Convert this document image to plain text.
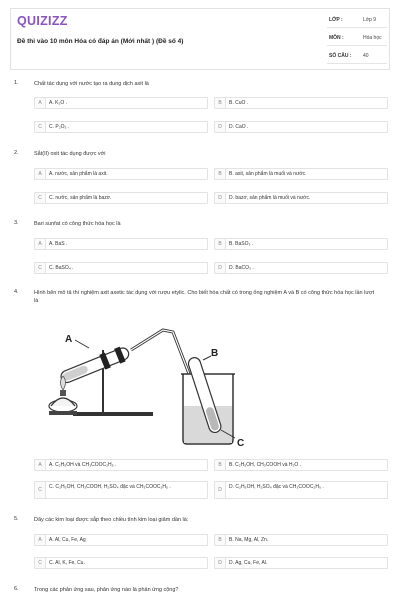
QUIZIZZ
Đề thi vào 10 môn Hóa có đáp án (Mới nhất ) (Đề số 4)
LỚP :	Lớp 9
MÔN :	Hóa học
SỐ CÂU : 40
1.	Chất tác dụng với nước tạo ra dung dịch axit là
A	A. K₂O .	B	B. CuO .
C	C. P₂O₅ .	D	D. CaO .
2.	Sắt(II) oxit tác dụng được với
A	A. nước, sản phẩm là axit.	B	B. axit, sản phẩm là muối và nước.
C	C. nước, sản phẩm là bazơ.	D	D. bazơ, sản phẩm là muối và nước.
3.	Bari sunfat có công thức hóa học là
A	A. BaS .	B	B. BaSO₃ .
C	C. BaSO₄ .	D	D. BaCO₃ .
4.	Hình bên mô tả thí nghiệm axit axetic tác dụng với rượu etylic. Cho biết hóa chất có trong ống nghiệm A và B có công thức hóa học lần lượt là
A
B
C
A	A. C₂H₅OH và CH₃COOC₂H₅ .	B	B. C₂H₅OH, CH₃COOH và H₂O .
C	C. C₂H₅OH, CH₃COOH, H₂SO₄ đặc và CH₃COOC₂H₅ .	D	D. C₂H₅OH, H₂SO₄ đặc và CH₃COOC₂H₅ .
5.	Dãy các kim loại được sắp theo chiều tính kim loại giảm dần là:
A	A. Al, Cu, Fe, Ag	B	B. Na, Mg, Al, Zn.
C	C. Al, K, Fe, Cu.	D	D. Ag, Cu, Fe, Al.
6.	Trong các phản ứng sau, phản ứng nào là phản ứng cộng?
